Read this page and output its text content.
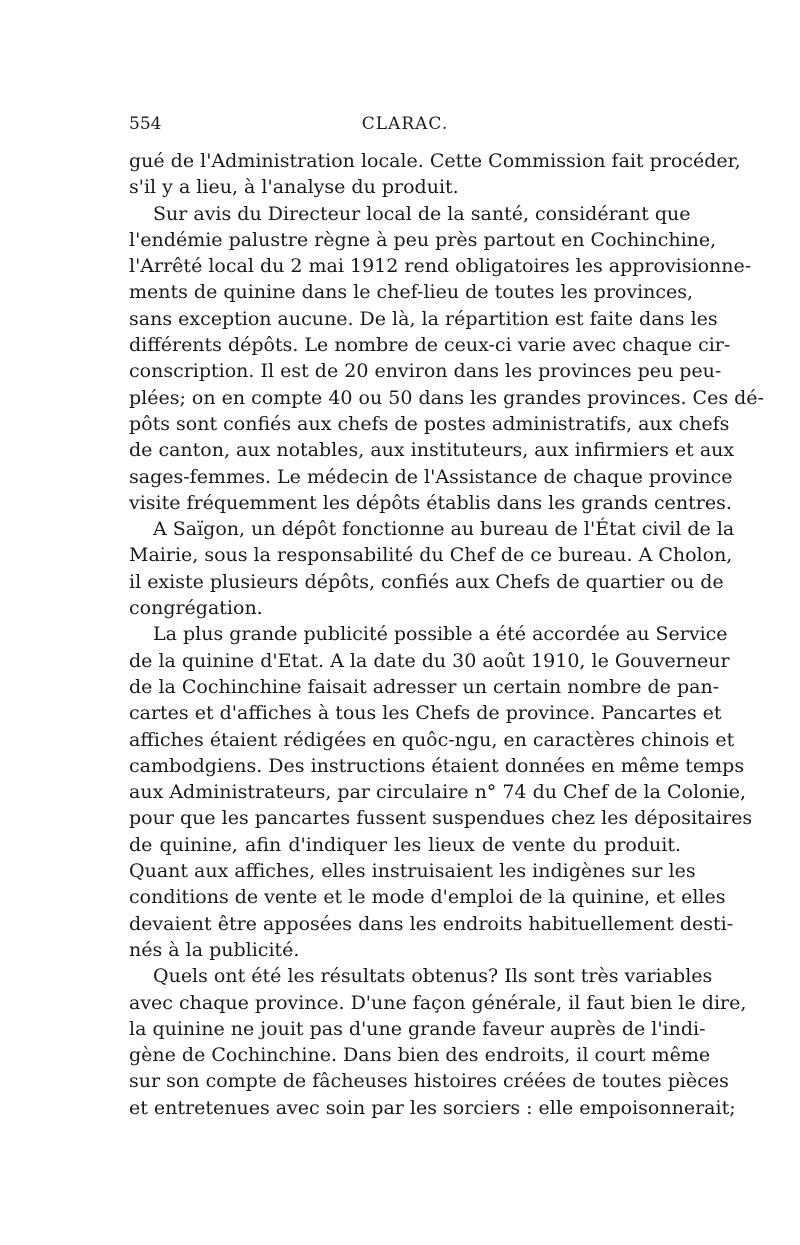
554	CLARAC.
gué de l'Administration locale. Cette Commission fait procéder,
s'il y a lieu, à l'analyse du produit.
Sur avis du Directeur local de la santé, considérant que
l'endémie palustre règne à peu près partout en Cochinchine,
l'Arrêté local du 2 mai 1912 rend obligatoires les approvisionne-
ments de quinine dans le chef-lieu de toutes les provinces,
sans exception aucune. De là, la répartition est faite dans les
différents dépôts. Le nombre de ceux-ci varie avec chaque cir-
conscription. Il est de 20 environ dans les provinces peu peu-
plées; on en compte 40 ou 50 dans les grandes provinces. Ces dé-
pôts sont confiés aux chefs de postes administratifs, aux chefs
de canton, aux notables, aux instituteurs, aux infirmiers et aux
sages-femmes. Le médecin de l'Assistance de chaque province
visite fréquemment les dépôts établis dans les grands centres.
A Saïgon, un dépôt fonctionne au bureau de l'État civil de la
Mairie, sous la responsabilité du Chef de ce bureau. A Cholon,
il existe plusieurs dépôts, confiés aux Chefs de quartier ou de
congrégation.
La plus grande publicité possible a été accordée au Service
de la quinine d'Etat. A la date du 30 août 1910, le Gouverneur
de la Cochinchine faisait adresser un certain nombre de pan-
cartes et d'affiches à tous les Chefs de province. Pancartes et
affiches étaient rédigées en quôc-ngu, en caractères chinois et
cambodgiens. Des instructions étaient données en même temps
aux Administrateurs, par circulaire n° 74 du Chef de la Colonie,
pour que les pancartes fussent suspendues chez les dépositaires
de quinine, afin d'indiquer les lieux de vente du produit.
Quant aux affiches, elles instruisaient les indigènes sur les
conditions de vente et le mode d'emploi de la quinine, et elles
devaient être apposées dans les endroits habituellement desti-
nés à la publicité.
Quels ont été les résultats obtenus? Ils sont très variables
avec chaque province. D'une façon générale, il faut bien le dire,
la quinine ne jouit pas d'une grande faveur auprès de l'indi-
gène de Cochinchine. Dans bien des endroits, il court même
sur son compte de fâcheuses histoires créées de toutes pièces
et entretenues avec soin par les sorciers : elle empoisonnerait;
